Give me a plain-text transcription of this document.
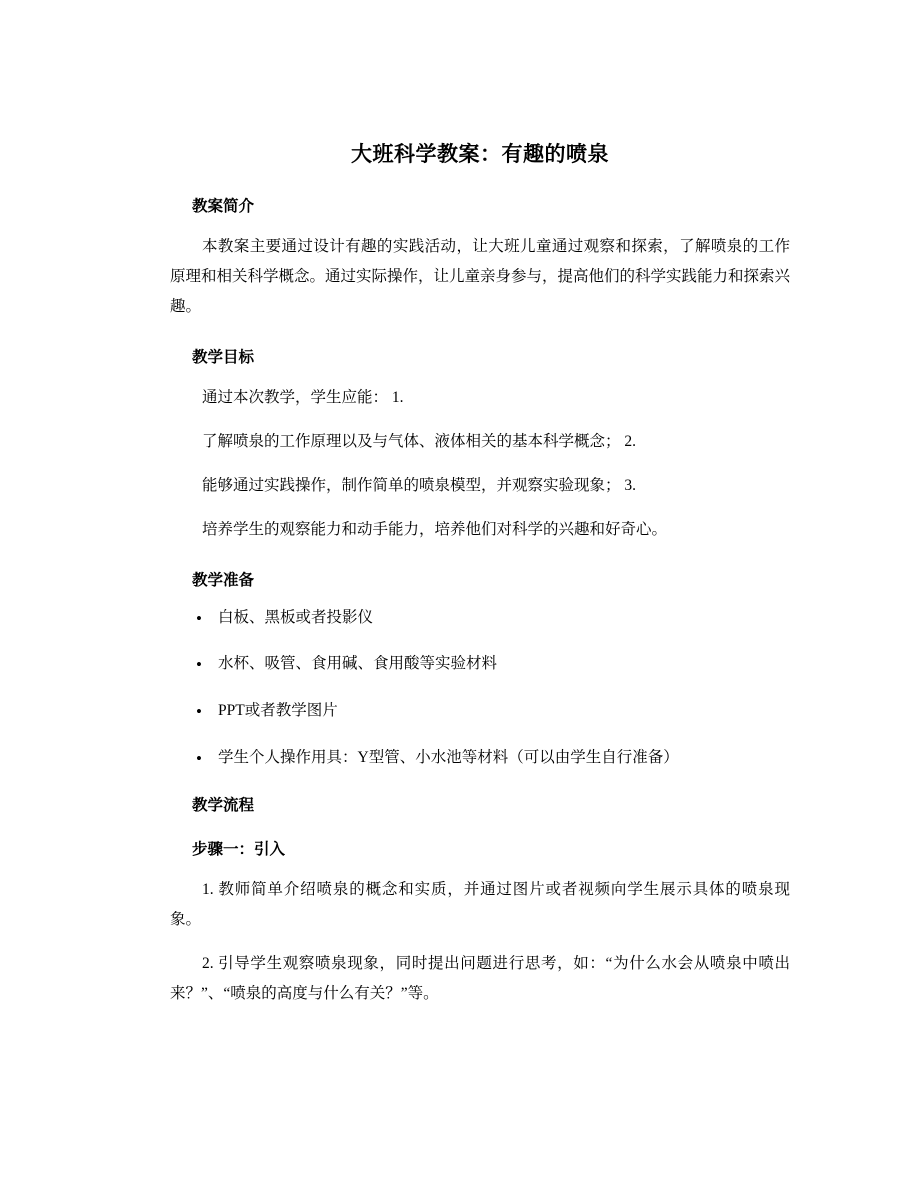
大班科学教案：有趣的喷泉
教案简介

本教案主要通过设计有趣的实践活动，让大班儿童通过观察和探索，了解喷泉的工作原理和相关科学概念。通过实际操作，让儿童亲身参与，提高他们的科学实践能力和探索兴趣。

教学目标

通过本次教学，学生应能： 1.

了解喷泉的工作原理以及与气体、液体相关的基本科学概念； 2.

能够通过实践操作，制作简单的喷泉模型，并观察实验现象； 3.

培养学生的观察能力和动手能力，培养他们对科学的兴趣和好奇心。

教学准备
• 白板、黑板或者投影仪
• 水杯、吸管、食用碱、食用酸等实验材料
• PPT或者教学图片
• 学生个人操作用具：Y型管、小水池等材料（可以由学生自行准备）
教学流程
步骤一：引入

1. 教师简单介绍喷泉的概念和实质，并通过图片或者视频向学生展示具体的喷泉现象。

2. 引导学生观察喷泉现象，同时提出问题进行思考，如：“为什么水会从喷泉中喷出来？”、“喷泉的高度与什么有关？”等。
